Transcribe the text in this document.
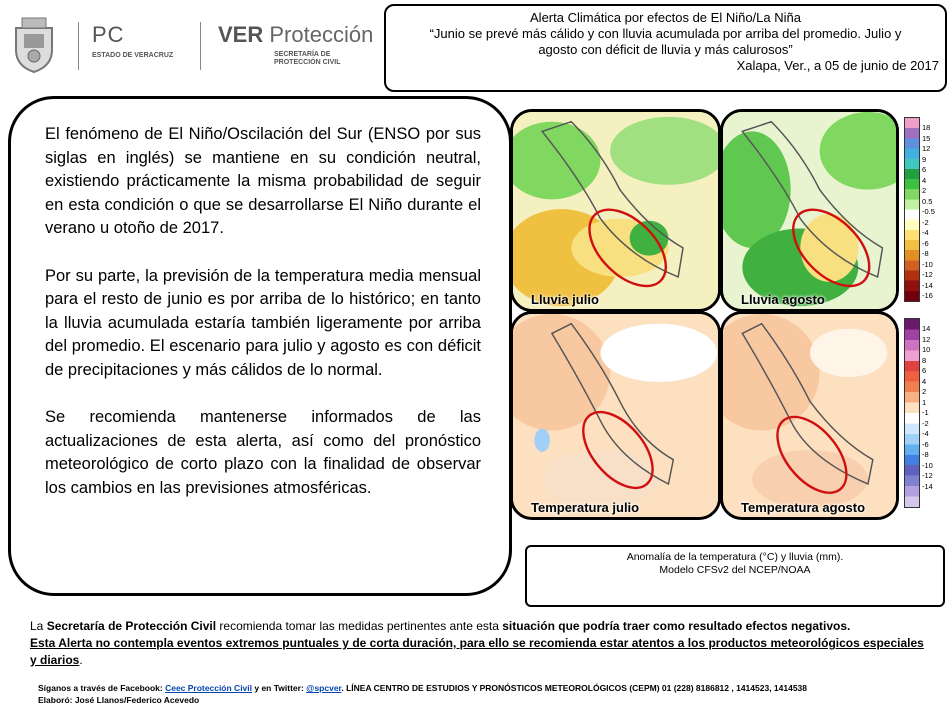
PC
ESTADO DE VERACRUZ
VER Protección
SECRETARÍA DE
PROTECCIÓN CIVIL
Alerta Climática por efectos de El Niño/La Niña
“Junio se prevé más cálido y con lluvia acumulada por arriba del promedio. Julio y
agosto con déficit de lluvia y más calurosos”
Xalapa, Ver., a 05 de junio de 2017

El fenómeno de El Niño/Oscilación del Sur (ENSO por sus siglas en inglés) se mantiene en su condición neutral, existiendo prácticamente la misma probabilidad de seguir en esta condición o que se desarrollarse El Niño durante el verano u otoño de 2017.

Por su parte, la previsión de la temperatura media mensual para el resto de junio es por arriba de lo histórico; en tanto la lluvia acumulada estaría también ligeramente por arriba del promedio. El escenario para julio y agosto es con déficit de precipitaciones y más cálidos de lo normal.

Se recomienda mantenerse informados de las actualizaciones de esta alerta, así como del pronóstico meteorológico de corto plazo con la finalidad de observar los cambios en las previsiones atmosféricas.

Lluvia julio	Lluvia agosto
Temperatura julio	Temperatura agosto
18
15
12
9
6
4
2
0.5
-0.5
-2
-4
-6
-8
-10
-12
-14
-16
14
12
10
8
6
4
2
1
-1
-2
-4
-6
-8
-10
-12
-14
Anomalía de la temperatura (°C) y lluvia (mm).
Modelo CFSv2 del NCEP/NOAA
La Secretaría de Protección Civil recomienda tomar las medidas pertinentes ante esta situación que podría traer como resultado efectos negativos.
Esta Alerta no contempla eventos extremos puntuales y de corta duración, para ello se recomienda estar atentos a los productos meteorológicos especiales y diarios.
Síganos a través de Facebook: Ceec Protección Civil y en Twitter: @spcver. LÍNEA CENTRO DE ESTUDIOS Y PRONÓSTICOS METEOROLÓGICOS (CEPM) 01 (228) 8186812 , 1414523, 1414538
Elaboró: José Llanos/Federico Acevedo
